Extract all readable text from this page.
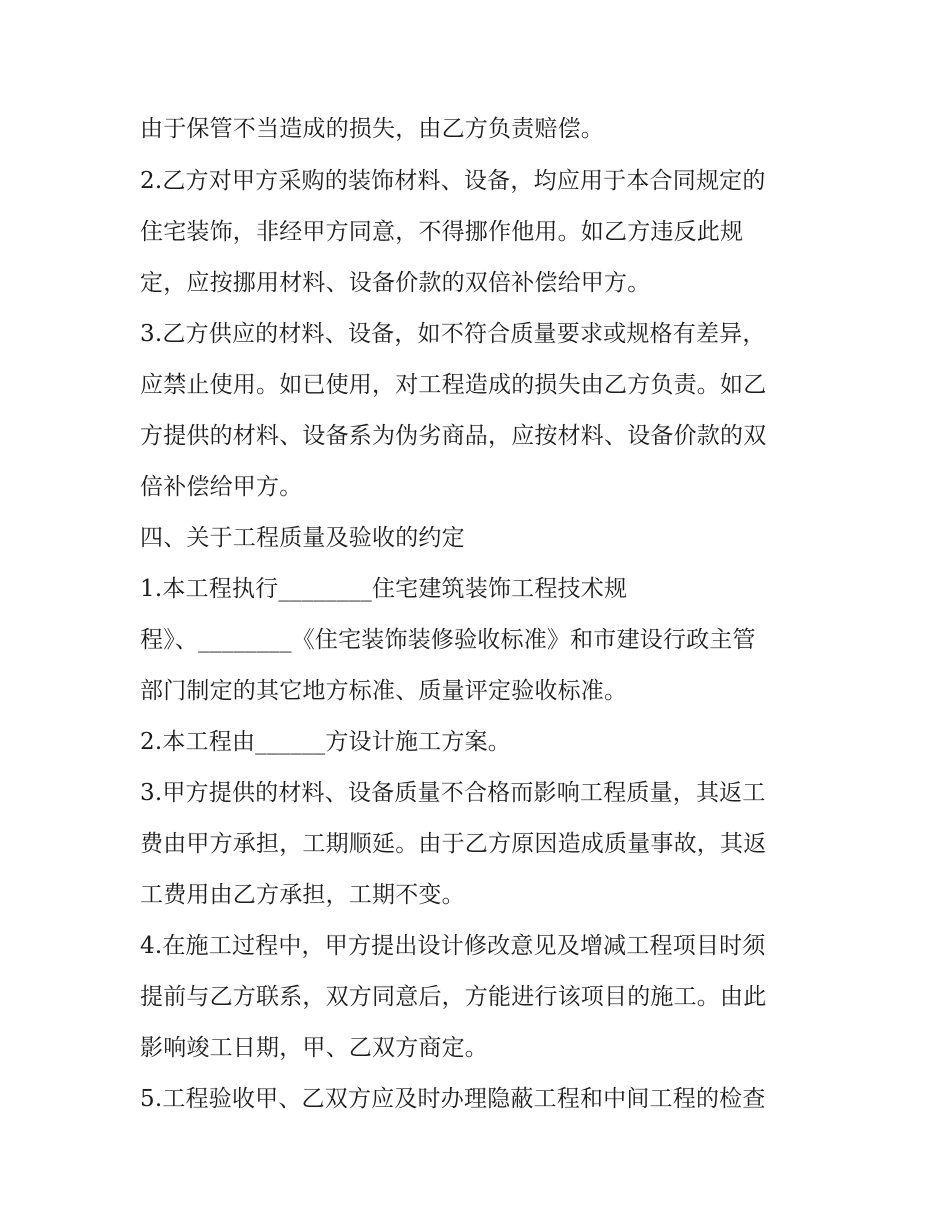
由于保管不当造成的损失，由乙方负责赔偿。
2.乙方对甲方采购的装饰材料、设备，均应用于本合同规定的
住宅装饰，非经甲方同意，不得挪作他用。如乙方违反此规
定，应按挪用材料、设备价款的双倍补偿给甲方。
3.乙方供应的材料、设备，如不符合质量要求或规格有差异，
应禁止使用。如已使用，对工程造成的损失由乙方负责。如乙
方提供的材料、设备系为伪劣商品，应按材料、设备价款的双
倍补偿给甲方。
四、关于工程质量及验收的约定
1.本工程执行________住宅建筑装饰工程技术规
程》、________《住宅装饰装修验收标准》和市建设行政主管
部门制定的其它地方标准、质量评定验收标准。
2.本工程由______方设计施工方案。
3.甲方提供的材料、设备质量不合格而影响工程质量，其返工
费由甲方承担，工期顺延。由于乙方原因造成质量事故，其返
工费用由乙方承担，工期不变。
4.在施工过程中，甲方提出设计修改意见及增减工程项目时须
提前与乙方联系，双方同意后，方能进行该项目的施工。由此
影响竣工日期，甲、乙双方商定。
5.工程验收甲、乙双方应及时办理隐蔽工程和中间工程的检查
